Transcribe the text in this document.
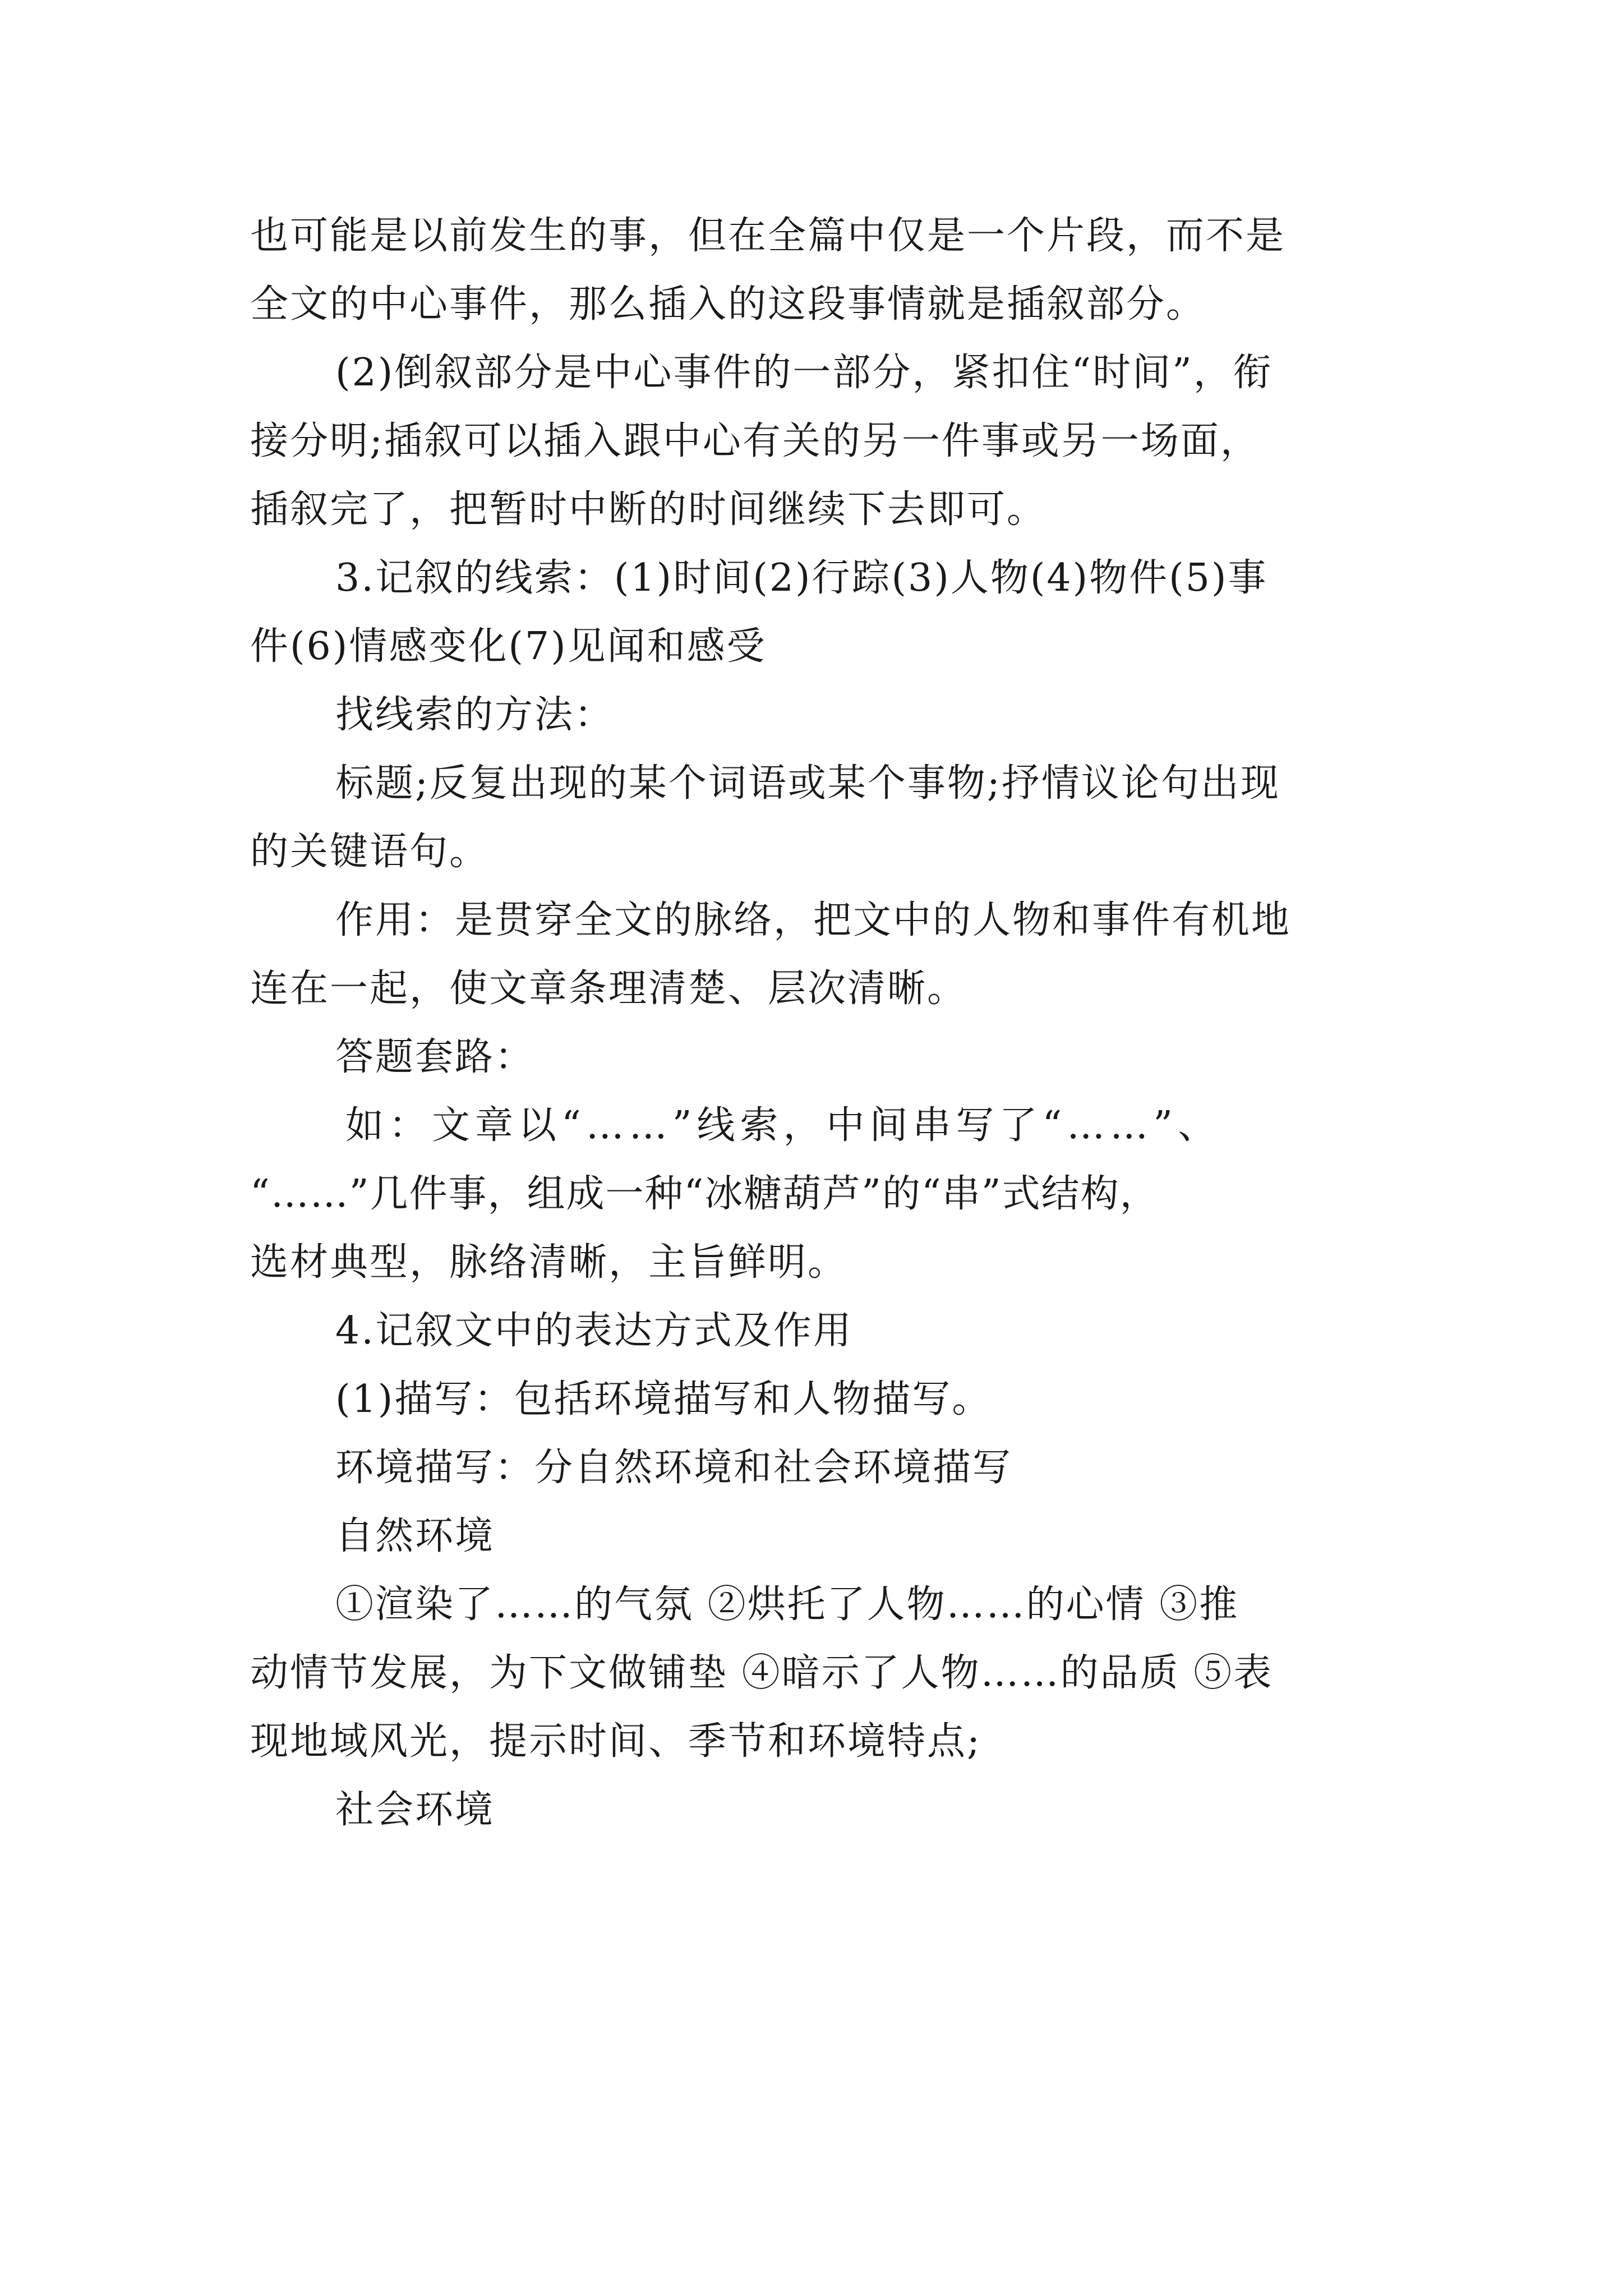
也可能是以前发生的事，但在全篇中仅是一个片段，而不是
全文的中心事件，那么插入的这段事情就是插叙部分。

(2)倒叙部分是中心事件的一部分，紧扣住“时间”，衔
接分明;插叙可以插入跟中心有关的另一件事或另一场面，
插叙完了，把暂时中断的时间继续下去即可。

3.记叙的线索：(1)时间(2)行踪(3)人物(4)物件(5)事
件(6)情感变化(7)见闻和感受

找线索的方法：

标题;反复出现的某个词语或某个事物;抒情议论句出现
的关键语句。

作用：是贯穿全文的脉络，把文中的人物和事件有机地
连在一起，使文章条理清楚、层次清晰。

答题套路：

如：文章以“……”线索，中间串写了“……”、
“……”几件事，组成一种“冰糖葫芦”的“串”式结构，
选材典型，脉络清晰，主旨鲜明。

4.记叙文中的表达方式及作用

(1)描写：包括环境描写和人物描写。

环境描写：分自然环境和社会环境描写

自然环境

①渲染了……的气氛 ②烘托了人物……的心情 ③推
动情节发展，为下文做铺垫 ④暗示了人物……的品质 ⑤表
现地域风光，提示时间、季节和环境特点;

社会环境
